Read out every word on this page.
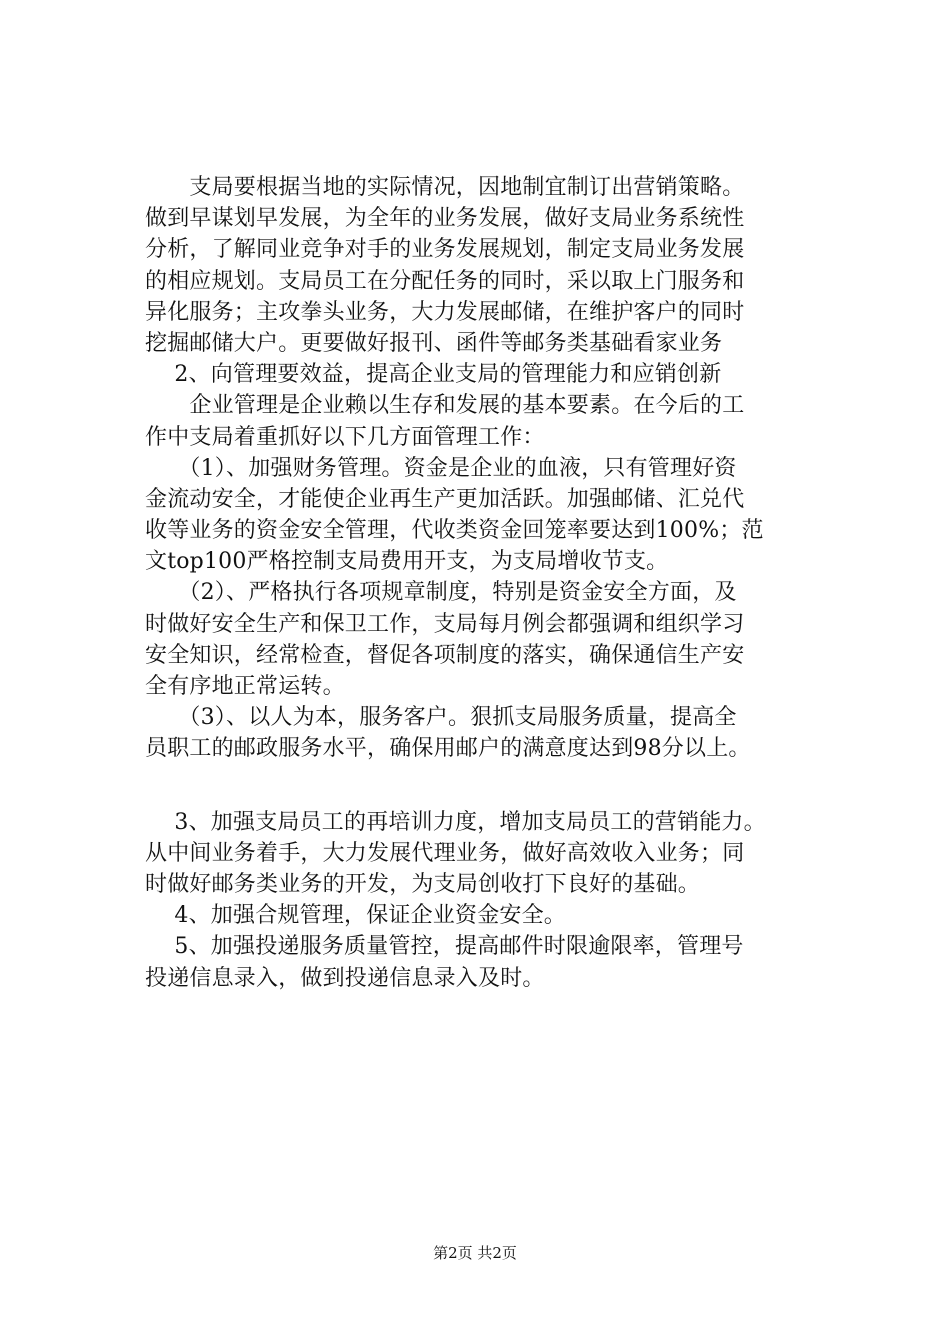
　　支局要根据当地的实际情况，因地制宜制订出营销策略。
做到早谋划早发展，为全年的业务发展，做好支局业务系统性
分析，了解同业竞争对手的业务发展规划，制定支局业务发展
的相应规划。支局员工在分配任务的同时，采以取上门服务和
异化服务；主攻拳头业务，大力发展邮储，在维护客户的同时
挖掘邮储大户。更要做好报刊、函件等邮务类基础看家业务
　 2、向管理要效益，提高企业支局的管理能力和应销创新
　　企业管理是企业赖以生存和发展的基本要素。在今后的工
作中支局着重抓好以下几方面管理工作：
　　（1）、加强财务管理。资金是企业的血液，只有管理好资
金流动安全，才能使企业再生产更加活跃。加强邮储、汇兑代
收等业务的资金安全管理，代收类资金回笼率要达到100%；范
文top100严格控制支局费用开支，为支局增收节支。
　　（2）、严格执行各项规章制度，特别是资金安全方面，及
时做好安全生产和保卫工作，支局每月例会都强调和组织学习
安全知识，经常检查，督促各项制度的落实，确保通信生产安
全有序地正常运转。
　　（3）、以人为本，服务客户。狠抓支局服务质量，提高全
员职工的邮政服务水平，确保用邮户的满意度达到98分以上。
　 3、加强支局员工的再培训力度，增加支局员工的营销能力。
从中间业务着手，大力发展代理业务，做好高效收入业务；同
时做好邮务类业务的开发，为支局创收打下良好的基础。
　 4、加强合规管理，保证企业资金安全。
　 5、加强投递服务质量管控，提高邮件时限逾限率，管理号
投递信息录入，做到投递信息录入及时。
第2页 共2页
